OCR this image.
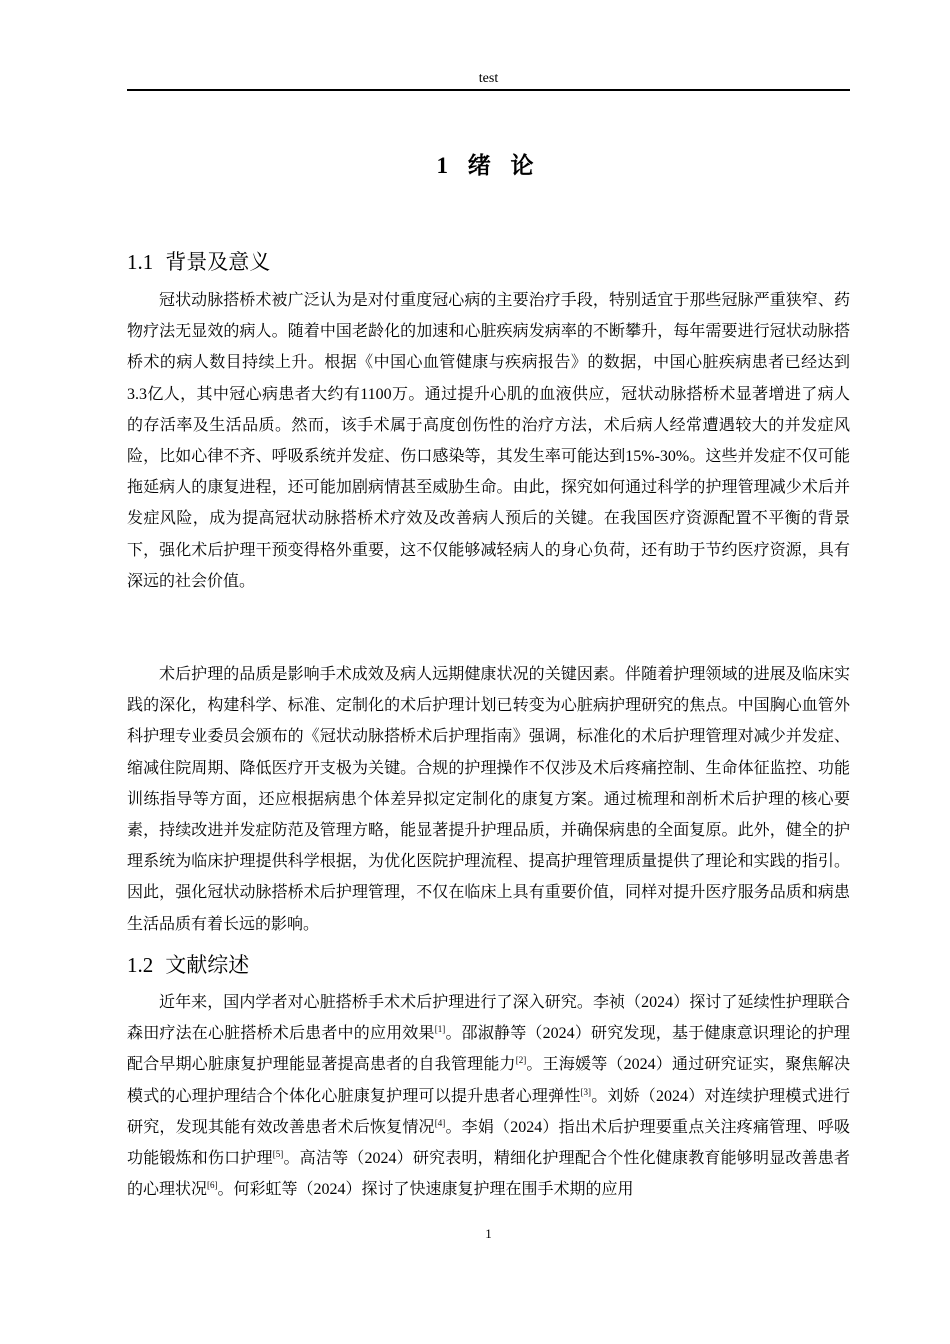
test
1 绪 论
1.1 背景及意义

冠状动脉搭桥术被广泛认为是对付重度冠心病的主要治疗手段，特别适宜于那些冠脉严重狭窄、药物疗法无显效的病人。随着中国老龄化的加速和心脏疾病发病率的不断攀升，每年需要进行冠状动脉搭桥术的病人数目持续上升。根据《中国心血管健康与疾病报告》的数据，中国心脏疾病患者已经达到3.3亿人，其中冠心病患者大约有1100万。通过提升心肌的血液供应，冠状动脉搭桥术显著增进了病人的存活率及生活品质。然而，该手术属于高度创伤性的治疗方法，术后病人经常遭遇较大的并发症风险，比如心律不齐、呼吸系统并发症、伤口感染等，其发生率可能达到15%-30%。这些并发症不仅可能拖延病人的康复进程，还可能加剧病情甚至威胁生命。由此，探究如何通过科学的护理管理减少术后并发症风险，成为提高冠状动脉搭桥术疗效及改善病人预后的关键。在我国医疗资源配置不平衡的背景下，强化术后护理干预变得格外重要，这不仅能够减轻病人的身心负荷，还有助于节约医疗资源，具有深远的社会价值。

术后护理的品质是影响手术成效及病人远期健康状况的关键因素。伴随着护理领域的进展及临床实践的深化，构建科学、标准、定制化的术后护理计划已转变为心脏病护理研究的焦点。中国胸心血管外科护理专业委员会颁布的《冠状动脉搭桥术后护理指南》强调，标准化的术后护理管理对减少并发症、缩减住院周期、降低医疗开支极为关键。合规的护理操作不仅涉及术后疼痛控制、生命体征监控、功能训练指导等方面，还应根据病患个体差异拟定定制化的康复方案。通过梳理和剖析术后护理的核心要素，持续改进并发症防范及管理方略，能显著提升护理品质，并确保病患的全面复原。此外，健全的护理系统为临床护理提供科学根据，为优化医院护理流程、提高护理管理质量提供了理论和实践的指引。因此，强化冠状动脉搭桥术后护理管理，不仅在临床上具有重要价值，同样对提升医疗服务品质和病患生活品质有着长远的影响。

1.2 文献综述

近年来，国内学者对心脏搭桥手术术后护理进行了深入研究。李祯（2024）探讨了延续性护理联合森田疗法在心脏搭桥术后患者中的应用效果[1]。邵淑静等（2024）研究发现，基于健康意识理论的护理配合早期心脏康复护理能显著提高患者的自我管理能力[2]。王海媛等（2024）通过研究证实，聚焦解决模式的心理护理结合个体化心脏康复护理可以提升患者心理弹性[3]。刘娇（2024）对连续护理模式进行研究，发现其能有效改善患者术后恢复情况[4]。李娟（2024）指出术后护理要重点关注疼痛管理、呼吸功能锻炼和伤口护理[5]。高洁等（2024）研究表明，精细化护理配合个性化健康教育能够明显改善患者的心理状况[6]。何彩虹等（2024）探讨了快速康复护理在围手术期的应用

1
